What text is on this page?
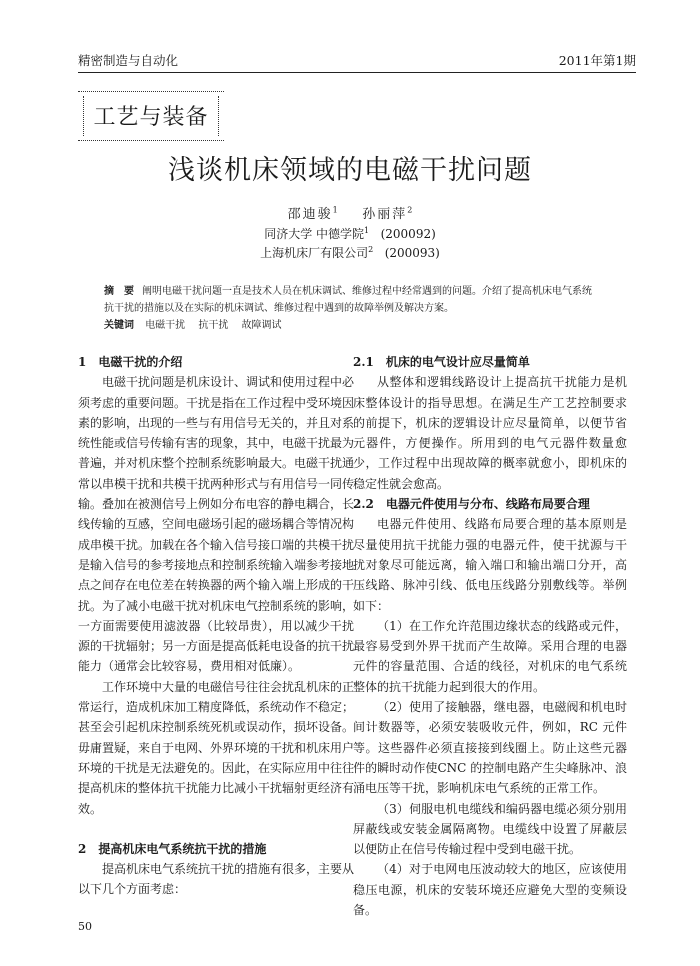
精密制造与自动化	2011年第1期
工艺与装备
浅谈机床领域的电磁干扰问题
邵迪骏$^1$ 孙丽萍$^2$
同济大学 中德学院$^1$ (200092)
上海机床厂有限公司$^2$ (200093)
摘　要 阐明电磁干扰问题一直是技术人员在机床调试、维修过程中经常遇到的问题。介绍了提高机床电气系统
抗干扰的措施以及在实际的机床调试、维修过程中遇到的故障举例及解决方案。
关键词 电磁干扰 抗干扰 故障调试
1　电磁干扰的介绍

电磁干扰问题是机床设计、调试和使用过程中必须考虑的重要问题。干扰是指在工作过程中受环境因素的影响，出现的一些与有用信号无关的，并且对系统性能或信号传输有害的现象，其中，电磁干扰最为普遍，并对机床整个控制系统影响最大。电磁干扰通常以串模干扰和共模干扰两种形式与有用信号一同传输。叠加在被测信号上例如分布电容的静电耦合，长线传输的互感，空间电磁场引起的磁场耦合等情况构成串模干扰。加载在各个输入信号接口端的共模干扰是输入信号的参考接地点和控制系统输入端参考接地点之间存在电位差在转换器的两个输入端上形成的干扰。为了减小电磁干扰对机床电气控制系统的影响，一方面需要使用滤波器（比较昂贵），用以减少干扰源的干扰辐射；另一方面是提高低耗电设备的抗干扰能力（通常会比较容易，费用相对低廉）。

工作环境中大量的电磁信号往往会扰乱机床的正常运行，造成机床加工精度降低，系统动作不稳定；甚至会引起机床控制系统死机或误动作，损坏设备。毋庸置疑，来自于电网、外界环境的干扰和机床用户环境的干扰是无法避免的。因此，在实际应用中往往提高机床的整体抗干扰能力比减小干扰辐射更经济有效。

2　提高机床电气系统抗干扰的措施

提高机床电气系统抗干扰的措施有很多，主要从以下几个方面考虑：

2.1　机床的电气设计应尽量简单

从整体和逻辑线路设计上提高抗干扰能力是机床整体设计的指导思想。在满足生产工艺控制要求的前提下，机床的逻辑设计应尽量简单，以便节省元器件，方便操作。所用到的电气元器件数量愈少，工作过程中出现故障的概率就愈小，即机床的稳定性就会愈高。

2.2　电器元件使用与分布、线路布局要合理

电器元件使用、线路布局要合理的基本原则是尽量使用抗干扰能力强的电器元件，使干扰源与干扰对象尽可能远离，输入端口和输出端口分开，高压线路、脉冲引线、低电压线路分别敷线等。举例如下：

（1）在工作允许范围边缘状态的线路或元件，最容易受到外界干扰而产生故障。采用合理的电器元件的容量范围、合适的线径，对机床的电气系统整体的抗干扰能力起到很大的作用。

（2）使用了接触器，继电器，电磁阀和机电时间计数器等，必须安装吸收元件，例如，RC 元件等。这些器件必须直接接到线圈上。防止这些元器件的瞬时动作使CNC 的控制电路产生尖峰脉冲、浪涌电压等干扰，影响机床电气系统的正常工作。

（3）伺服电机电缆线和编码器电缆必须分别用屏蔽线或安装金属隔离物。电缆线中设置了屏蔽层以便防止在信号传输过程中受到电磁干扰。

（4）对于电网电压波动较大的地区，应该使用稳压电源，机床的安装环境还应避免大型的变频设备。

50
